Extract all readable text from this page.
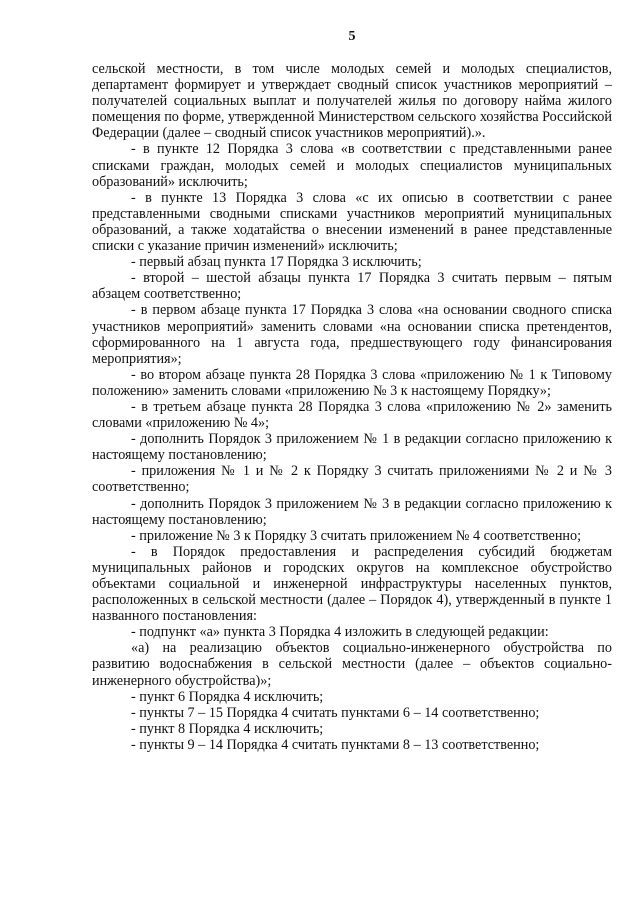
5

сельской местности, в том числе молодых семей и молодых специалистов, департамент формирует и утверждает сводный список участников мероприятий – получателей социальных выплат и получателей жилья по договору найма жилого помещения по форме, утвержденной Министерством сельского хозяйства Российской Федерации (далее – сводный список участников мероприятий).».

- в пункте 12 Порядка 3 слова «в соответствии с представленными ранее списками граждан, молодых семей и молодых специалистов муниципальных образований» исключить;

- в пункте 13 Порядка 3 слова «с их описью в соответствии с ранее представленными сводными списками участников мероприятий муниципальных образований, а также ходатайства о внесении изменений в ранее представленные списки с указание причин изменений» исключить;

- первый абзац пункта 17 Порядка 3 исключить;

- второй – шестой абзацы пункта 17 Порядка 3 считать первым – пятым абзацем соответственно;

- в первом абзаце пункта 17 Порядка 3 слова «на основании сводного списка участников мероприятий» заменить словами «на основании списка претендентов, сформированного на 1 августа года, предшествующего году финансирования мероприятия»;

- во втором абзаце пункта 28 Порядка 3 слова «приложению № 1 к Типовому положению» заменить словами «приложению № 3 к настоящему Порядку»;

- в третьем абзаце пункта 28 Порядка 3 слова «приложению № 2» заменить словами «приложению № 4»;

- дополнить Порядок 3 приложением № 1 в редакции согласно приложению к настоящему постановлению;

- приложения № 1 и № 2 к Порядку 3 считать приложениями № 2 и № 3 соответственно;

- дополнить Порядок 3 приложением № 3 в редакции согласно приложению к настоящему постановлению;

- приложение № 3 к Порядку 3 считать приложением № 4 соответственно;

- в Порядок предоставления и распределения субсидий бюджетам муниципальных районов и городских округов на комплексное обустройство объектами социальной и инженерной инфраструктуры населенных пунктов, расположенных в сельской местности (далее – Порядок 4), утвержденный в пункте 1 названного постановления:

- подпункт «а» пункта 3 Порядка 4 изложить в следующей редакции:

«а) на реализацию объектов социально-инженерного обустройства по развитию водоснабжения в сельской местности (далее – объектов социально- инженерного обустройства)»;

- пункт 6 Порядка 4 исключить;

- пункты 7 – 15 Порядка 4 считать пунктами 6 – 14 соответственно;

- пункт 8 Порядка 4 исключить;

- пункты 9 – 14 Порядка 4 считать пунктами 8 – 13 соответственно;
